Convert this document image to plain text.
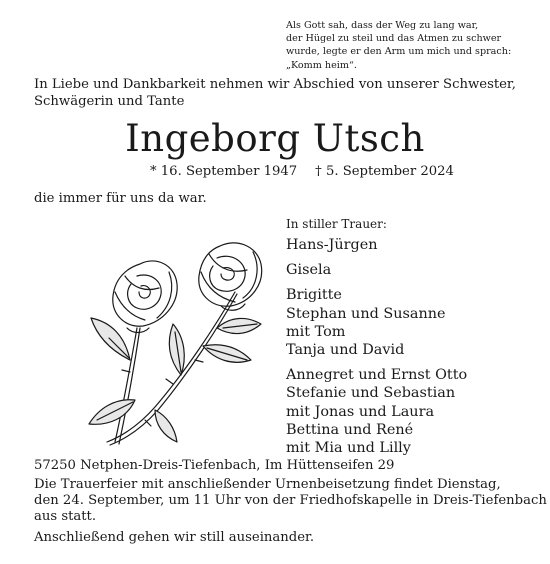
Als Gott sah, dass der Weg zu lang war,
der Hügel zu steil und das Atmen zu schwer
wurde, legte er den Arm um mich und sprach:
„Komm heim“.
In Liebe und Dankbarkeit nehmen wir Abschied von unserer Schwester, Schwägerin und Tante
Ingeborg Utsch
* 16. September 1947 † 5. September 2024
die immer für uns da war.
In stiller Trauer:
Hans-Jürgen
Gisela
Brigitte
Stephan und Susanne
mit Tom
Tanja und David
Annegret und Ernst Otto
Stefanie und Sebastian
mit Jonas und Laura
Bettina und René
mit Mia und Lilly
57250 Netphen-Dreis-Tiefenbach, Im Hüttenseifen 29
Die Trauerfeier mit anschließender Urnenbeisetzung findet Dienstag,
den 24. September, um 11 Uhr von der Friedhofskapelle in Dreis-Tiefenbach
aus statt.
Anschließend gehen wir still auseinander.
